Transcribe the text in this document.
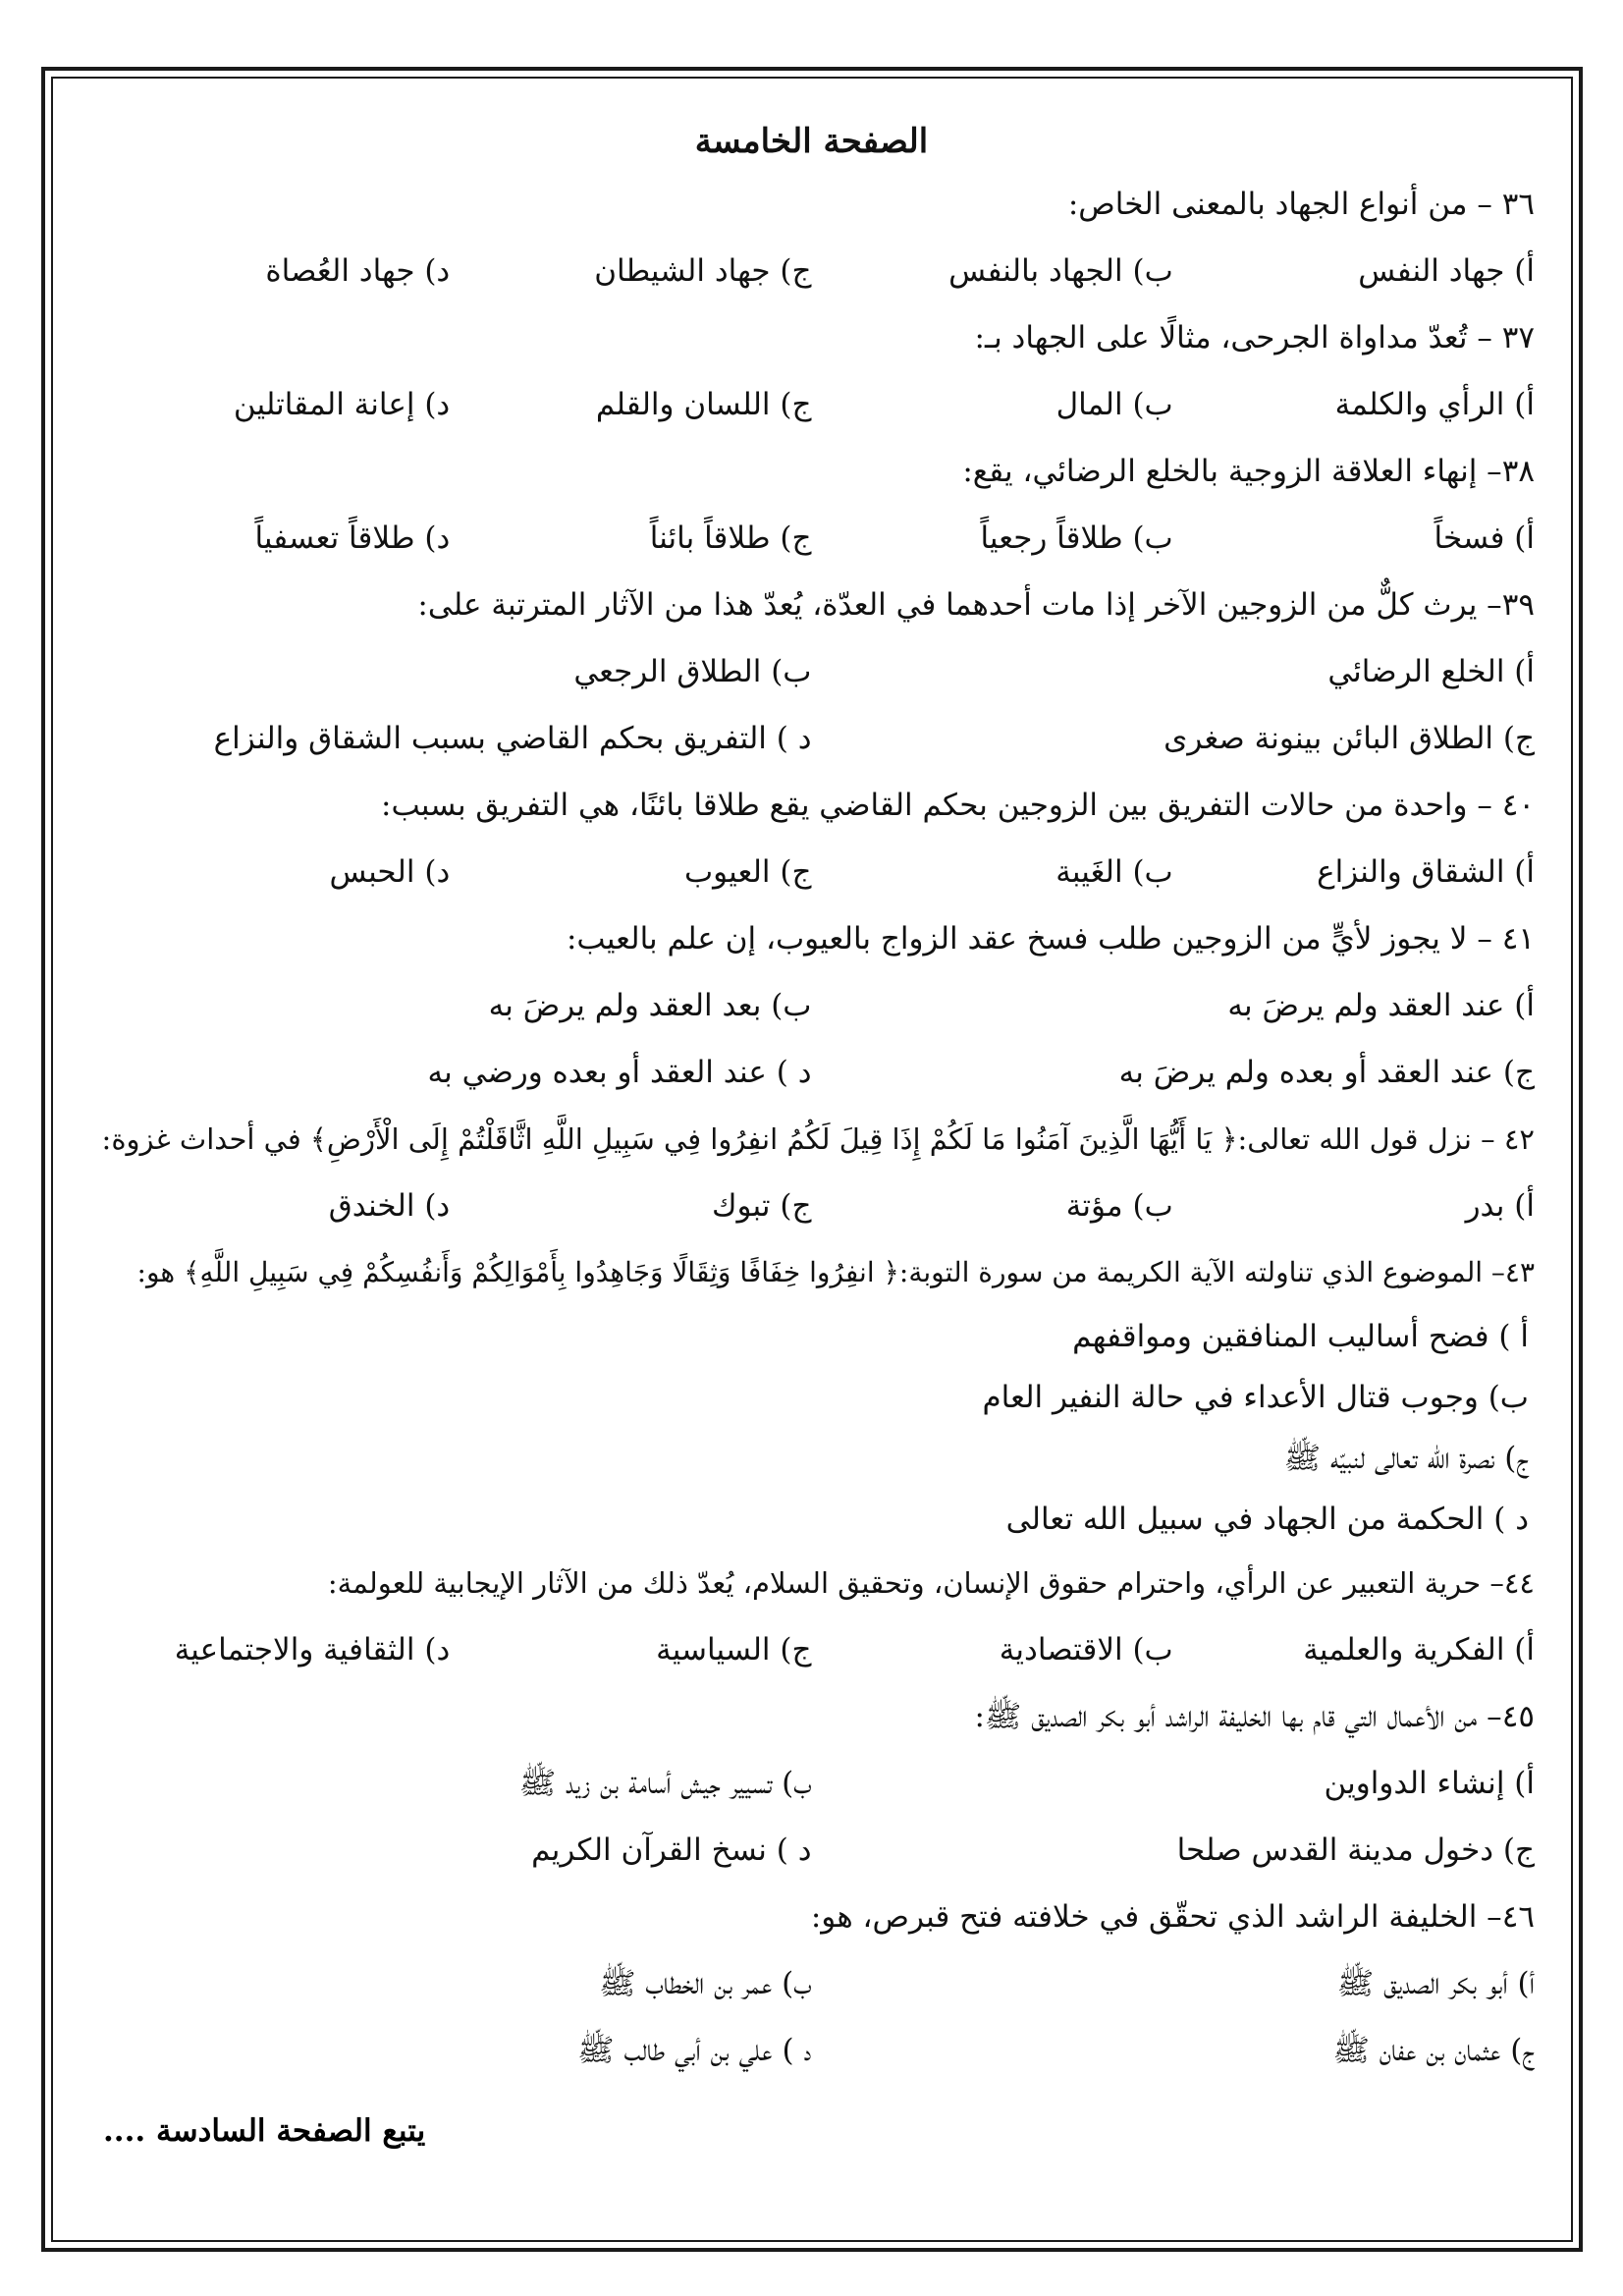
الصفحة الخامسة
٣٦ – من أنواع الجهاد بالمعنى الخاص:
أ) جهاد النفس
ب) الجهاد بالنفس
ج) جهاد الشيطان
د) جهاد العُصاة
٣٧ – تُعدّ مداواة الجرحى، مثالًا على الجهاد بـ:
أ) الرأي والكلمة
ب) المال
ج) اللسان والقلم
د) إعانة المقاتلين
٣٨– إنهاء العلاقة الزوجية بالخلع الرضائي، يقع:
أ) فسخاً
ب) طلاقاً رجعياً
ج) طلاقاً بائناً
د) طلاقاً تعسفياً
٣٩– يرث كلٌّ من الزوجين الآخر إذا مات أحدهما في العدّة، يُعدّ هذا من الآثار المترتبة على:
أ) الخلع الرضائي
ب) الطلاق الرجعي
ج) الطلاق البائن بينونة صغرى
د ) التفريق بحكم القاضي بسبب الشقاق والنزاع
٤٠ – واحدة من حالات التفريق بين الزوجين بحكم القاضي يقع طلاقا بائنًا، هي التفريق بسبب:
أ) الشقاق والنزاع
ب) الغَيبة
ج) العيوب
د) الحبس
٤١ – لا يجوز لأيٍّ من الزوجين طلب فسخ عقد الزواج بالعيوب، إن علم بالعيب:
أ) عند العقد ولم يرضَ به
ب) بعد العقد ولم يرضَ به
ج) عند العقد أو بعده ولم يرضَ به
د ) عند العقد أو بعده ورضي به
٤٢ – نزل قول الله تعالى:﴿ يَا أَيُّهَا الَّذِينَ آمَنُوا مَا لَكُمْ إِذَا قِيلَ لَكُمُ انفِرُوا فِي سَبِيلِ اللَّهِ اثَّاقَلْتُمْ إِلَى الْأَرْضِ﴾ في أحداث غزوة:
أ) بدر
ب) مؤتة
ج) تبوك
د) الخندق
٤٣– الموضوع الذي تناولته الآية الكريمة من سورة التوبة:﴿ انفِرُوا خِفَافًا وَثِقَالًا وَجَاهِدُوا بِأَمْوَالِكُمْ وَأَنفُسِكُمْ فِي سَبِيلِ اللَّهِ﴾ هو:
أ ) فضح أساليب المنافقين ومواقفهم
ب) وجوب قتال الأعداء في حالة النفير العام
ج) نصرة الله تعالى لنبيّه ﷺ
د ) الحكمة من الجهاد في سبيل الله تعالى
٤٤– حرية التعبير عن الرأي، واحترام حقوق الإنسان، وتحقيق السلام، يُعدّ ذلك من الآثار الإيجابية للعولمة:
أ) الفكرية والعلمية
ب) الاقتصادية
ج) السياسية
د) الثقافية والاجتماعية
٤٥– من الأعمال التي قام بها الخليفة الراشد أبو بكر الصديق ﷺ:
أ) إنشاء الدواوين
ب) تسيير جيش أسامة بن زيد ﷺ
ج) دخول مدينة القدس صلحا
د ) نسخ القرآن الكريم
٤٦– الخليفة الراشد الذي تحقّق في خلافته فتح قبرص، هو:
أ) أبو بكر الصديق ﷺ
ب) عمر بن الخطاب ﷺ
ج) عثمان بن عفان ﷺ
د ) علي بن أبي طالب ﷺ
يتبع الصفحة السادسة ....
